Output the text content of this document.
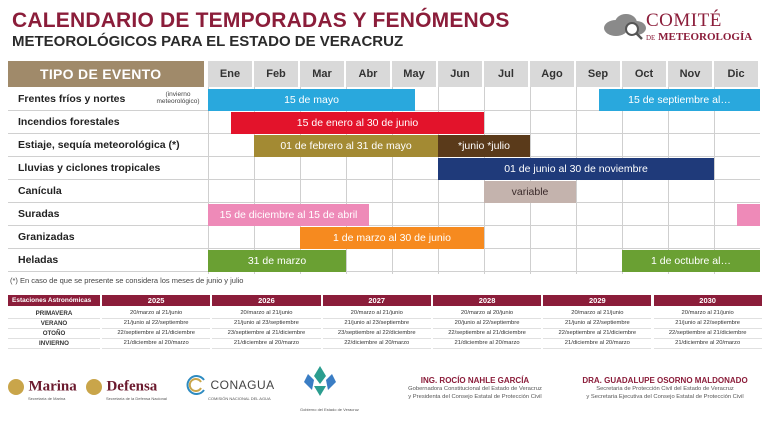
CALENDARIO DE TEMPORADAS Y FENÓMENOS
METEOROLÓGICOS PARA EL ESTADO DE VERACRUZ
COMITÉ
DE METEOROLOGÍA
TIPO DE EVENTO	Ene	Feb	Mar	Abr	May	Jun	Jul	Ago	Sep	Oct	Nov	Dic
Frentes fríos y nortes	(invierno meteorológico)	15 de mayo	15 de septiembre al…
Incendios forestales	15 de enero al 30 de junio
Estiaje, sequía meteorológica (*)	01 de febrero al 31 de mayo	*junio *julio
Lluvias y ciclones tropicales	01 de junio al 30 de noviembre
Canícula	variable
Suradas	15 de diciembre al 15 de abril
Granizadas	1 de marzo al 30 de junio
Heladas	31 de marzo	1 de octubre al…
(*) En caso de que se presente se considera los meses de junio y julio
Estaciones Astronómicas	2025	2026	2027	2028	2029	2030
PRIMAVERA	20/marzo al 21/junio	20/marzo al 21/junio	20/marzo al 21/junio	20/marzo al 20/junio	20/marzo al 21/junio	20/marzo al 21/junio
VERANO	21/junio al 22/septiembre	21/junio al 23/septiembre	21/junio al 23/septiembre	20/junio al 22/septiembre	21/junio al 22/septiembre	21/junio al 22/septiembre
OTOÑO	22/septiembre al 21/diciembre	23/septiembre al 21/diciembre	23/septiembre al 22/diciembre	22/septiembre al 21/diciembre	22/septiembre al 21/diciembre	22/septiembre al 21/diciembre
INVIERNO	21/diciembre al 20/marzo	21/diciembre al 20/marzo	22/diciembre al 20/marzo	21/diciembre al 20/marzo	21/diciembre al 20/marzo	21/diciembre al 20/marzo
Marina
Secretaría de Marina
Defensa
Secretaría de la Defensa Nacional
CONAGUA
COMISIÓN NACIONAL DEL AGUA
Gobierno del Estado de Veracruz
ING. ROCÍO NAHLE GARCÍA
Gobernadora Constitucional del Estado de Veracruz
y Presidenta del Consejo Estatal de Protección Civil
DRA. GUADALUPE OSORNO MALDONADO
Secretaria de Protección Civil del Estado de Veracruz
y Secretaria Ejecutiva del Consejo Estatal de Protección Civil
